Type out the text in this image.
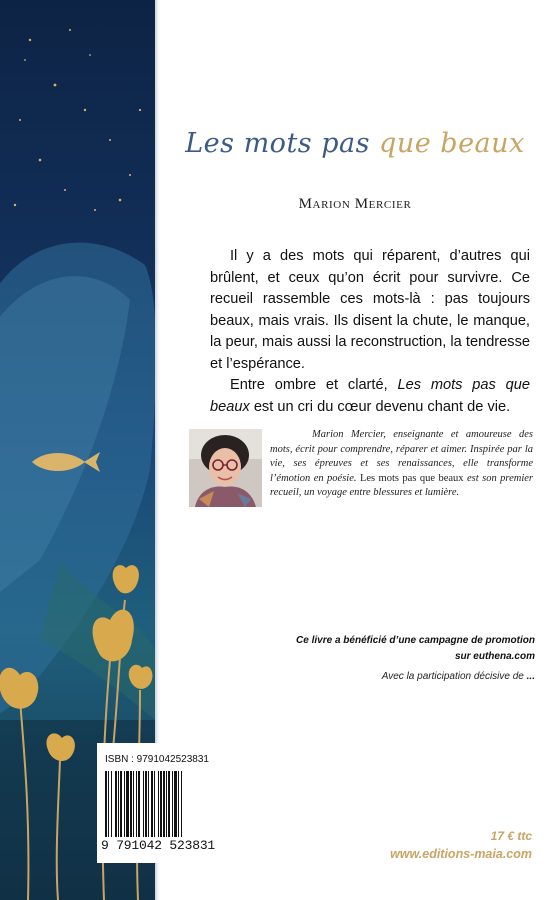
Les mots pas que beaux
Marion Mercier

Il y a des mots qui réparent, d’autres qui brûlent, et ceux qu’on écrit pour survivre. Ce recueil rassemble ces mots-là : pas toujours beaux, mais vrais. Ils disent la chute, le manque, la peur, mais aussi la reconstruction, la tendresse et l’espérance.

Entre ombre et clarté, Les mots pas que beaux est un cri du cœur devenu chant de vie.

Marion Mercier, enseignante et amoureuse des mots, écrit pour comprendre, réparer et aimer. Inspirée par la vie, ses épreuves et ses renaissances, elle transforme l’émotion en poésie. Les mots pas que beaux est son premier recueil, un voyage entre blessures et lumière.
Ce livre a bénéficié d’une campagne de promotion
sur euthena.com
Avec la participation décisive de ...
ISBN : 9791042523831
9 791042 523831
17 € ttc
www.editions-maia.com
